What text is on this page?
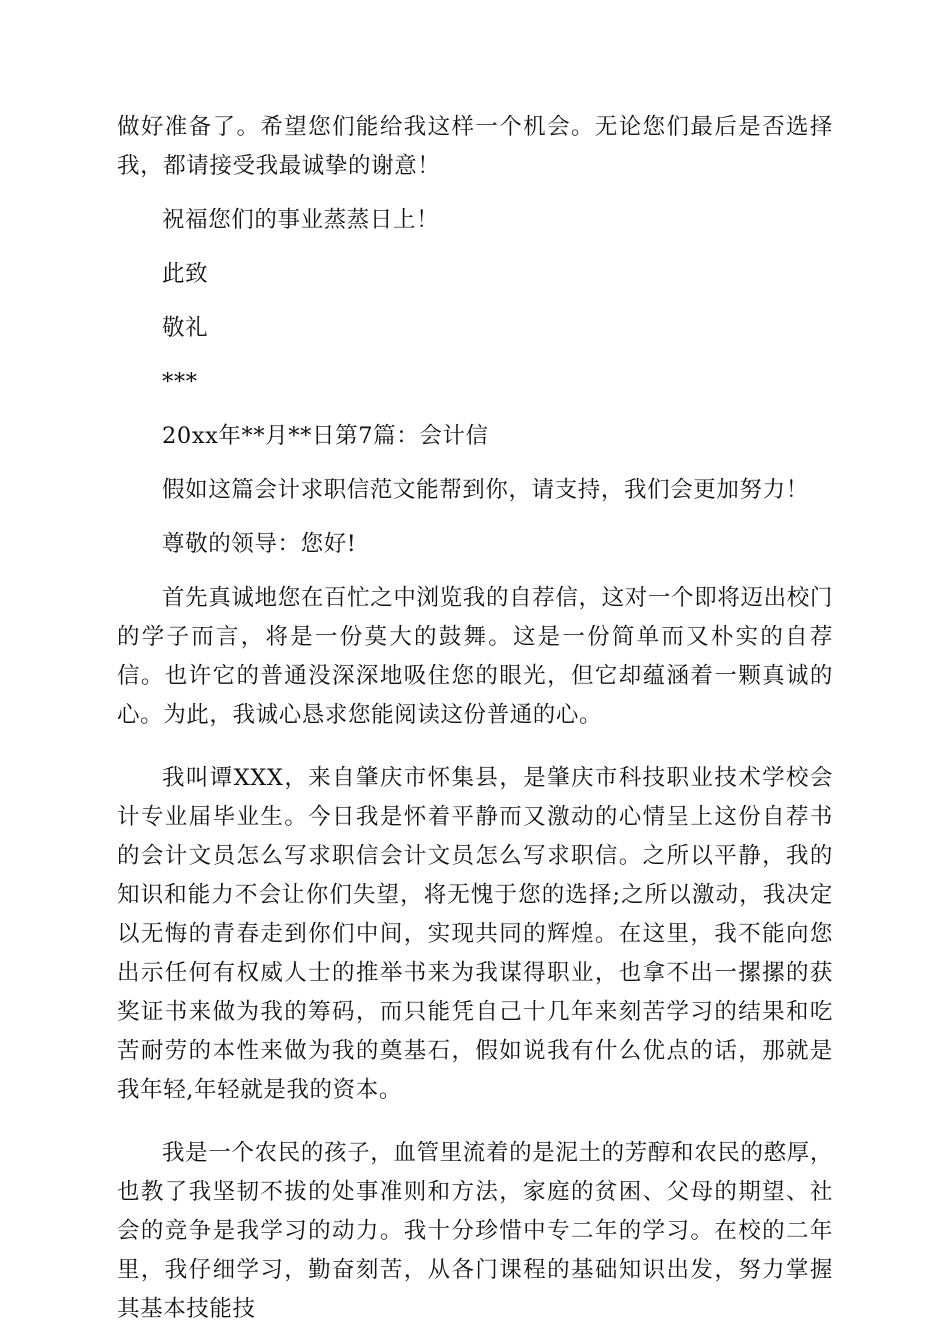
做好准备了。希望您们能给我这样一个机会。无论您们最后是否选择我，都请接受我最诚挚的谢意！

祝福您们的事业蒸蒸日上！

此致

敬礼

***

20xx年**月**日第7篇：会计信

假如这篇会计求职信范文能帮到你，请支持，我们会更加努力！

尊敬的领导：您好!

首先真诚地您在百忙之中浏览我的自荐信，这对一个即将迈出校门的学子而言，将是一份莫大的鼓舞。这是一份简单而又朴实的自荐信。也许它的普通没深深地吸住您的眼光，但它却蕴涵着一颗真诚的心。为此，我诚心恳求您能阅读这份普通的心。

我叫谭XXX，来自肇庆市怀集县，是肇庆市科技职业技术学校会计专业届毕业生。今日我是怀着平静而又激动的心情呈上这份自荐书的会计文员怎么写求职信会计文员怎么写求职信。之所以平静，我的知识和能力不会让你们失望，将无愧于您的选择;之所以激动，我决定以无悔的青春走到你们中间，实现共同的辉煌。在这里，我不能向您出示任何有权威人士的推举书来为我谋得职业，也拿不出一摞摞的获奖证书来做为我的筹码，而只能凭自己十几年来刻苦学习的结果和吃苦耐劳的本性来做为我的奠基石，假如说我有什么优点的话，那就是我年轻,年轻就是我的资本。

我是一个农民的孩子，血管里流着的是泥土的芳醇和农民的憨厚，也教了我坚韧不拔的处事准则和方法，家庭的贫困、父母的期望、社会的竞争是我学习的动力。我十分珍惜中专二年的学习。在校的二年里，我仔细学习，勤奋刻苦，从各门课程的基础知识出发，努力掌握其基本技能技
